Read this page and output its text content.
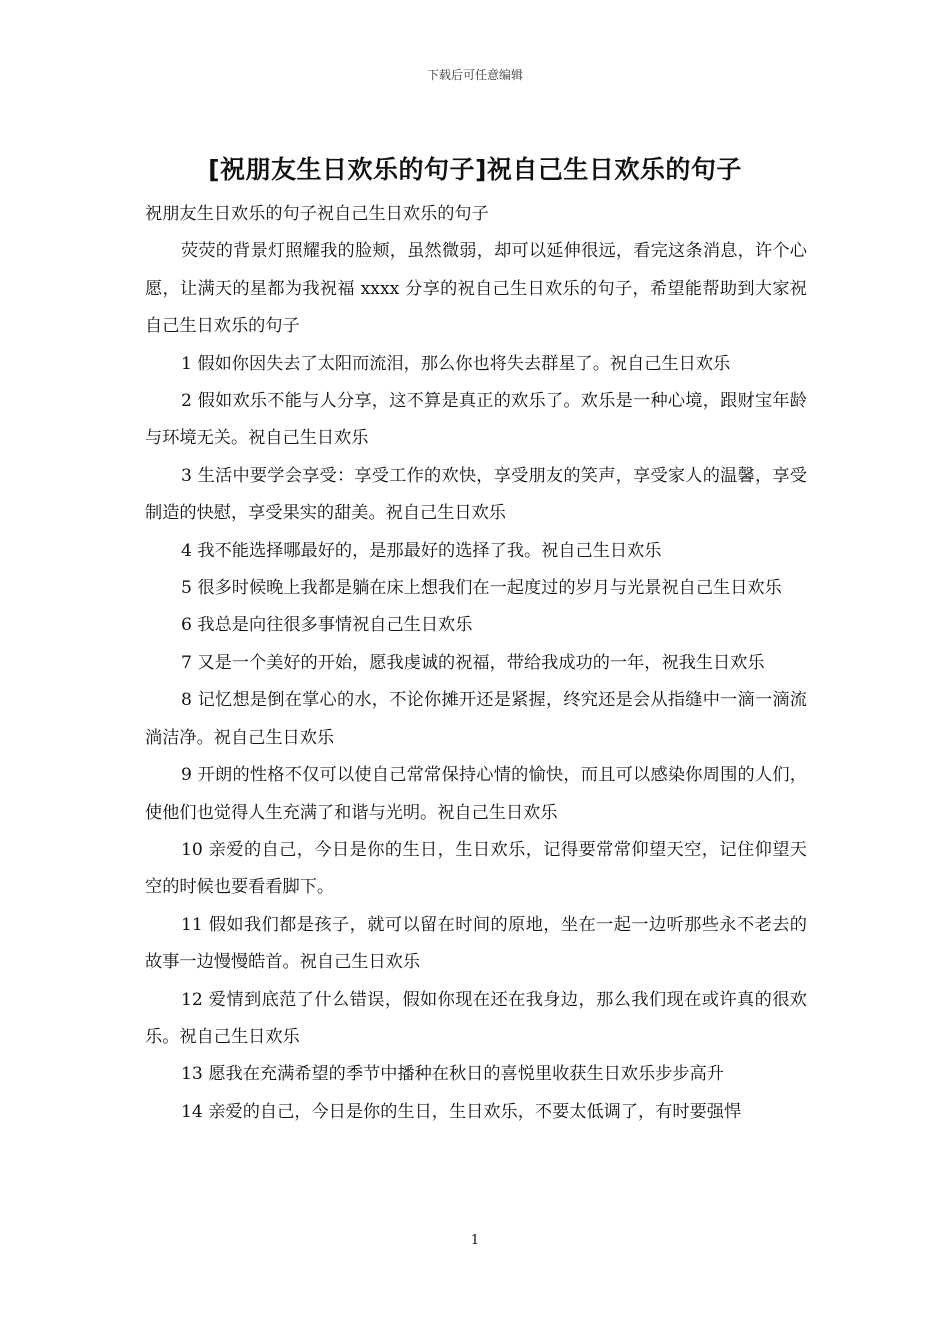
下载后可任意编辑
[祝朋友生日欢乐的句子]祝自己生日欢乐的句子

祝朋友生日欢乐的句子祝自己生日欢乐的句子

荧荧的背景灯照耀我的脸颊，虽然微弱，却可以延伸很远，看完这条消息，许个心愿，让满天的星都为我祝福 xxxx 分享的祝自己生日欢乐的句子，希望能帮助到大家祝自己生日欢乐的句子

1 假如你因失去了太阳而流泪，那么你也将失去群星了。祝自己生日欢乐

2 假如欢乐不能与人分享，这不算是真正的欢乐了。欢乐是一种心境，跟财宝年龄与环境无关。祝自己生日欢乐

3 生活中要学会享受：享受工作的欢快，享受朋友的笑声，享受家人的温馨，享受制造的快慰，享受果实的甜美。祝自己生日欢乐

4 我不能选择哪最好的，是那最好的选择了我。祝自己生日欢乐

5 很多时候晚上我都是躺在床上想我们在一起度过的岁月与光景祝自己生日欢乐

6 我总是向往很多事情祝自己生日欢乐

7 又是一个美好的开始，愿我虔诚的祝福，带给我成功的一年，祝我生日欢乐

8 记忆想是倒在掌心的水，不论你摊开还是紧握，终究还是会从指缝中一滴一滴流淌洁净。祝自己生日欢乐

9 开朗的性格不仅可以使自己常常保持心情的愉快，而且可以感染你周围的人们，使他们也觉得人生充满了和谐与光明。祝自己生日欢乐

10 亲爱的自己，今日是你的生日，生日欢乐，记得要常常仰望天空，记住仰望天空的时候也要看看脚下。

11 假如我们都是孩子，就可以留在时间的原地，坐在一起一边听那些永不老去的故事一边慢慢皓首。祝自己生日欢乐

12 爱情到底范了什么错误，假如你现在还在我身边，那么我们现在或许真的很欢乐。祝自己生日欢乐

13 愿我在充满希望的季节中播种在秋日的喜悦里收获生日欢乐步步高升

14 亲爱的自己，今日是你的生日，生日欢乐，不要太低调了，有时要强悍

1
